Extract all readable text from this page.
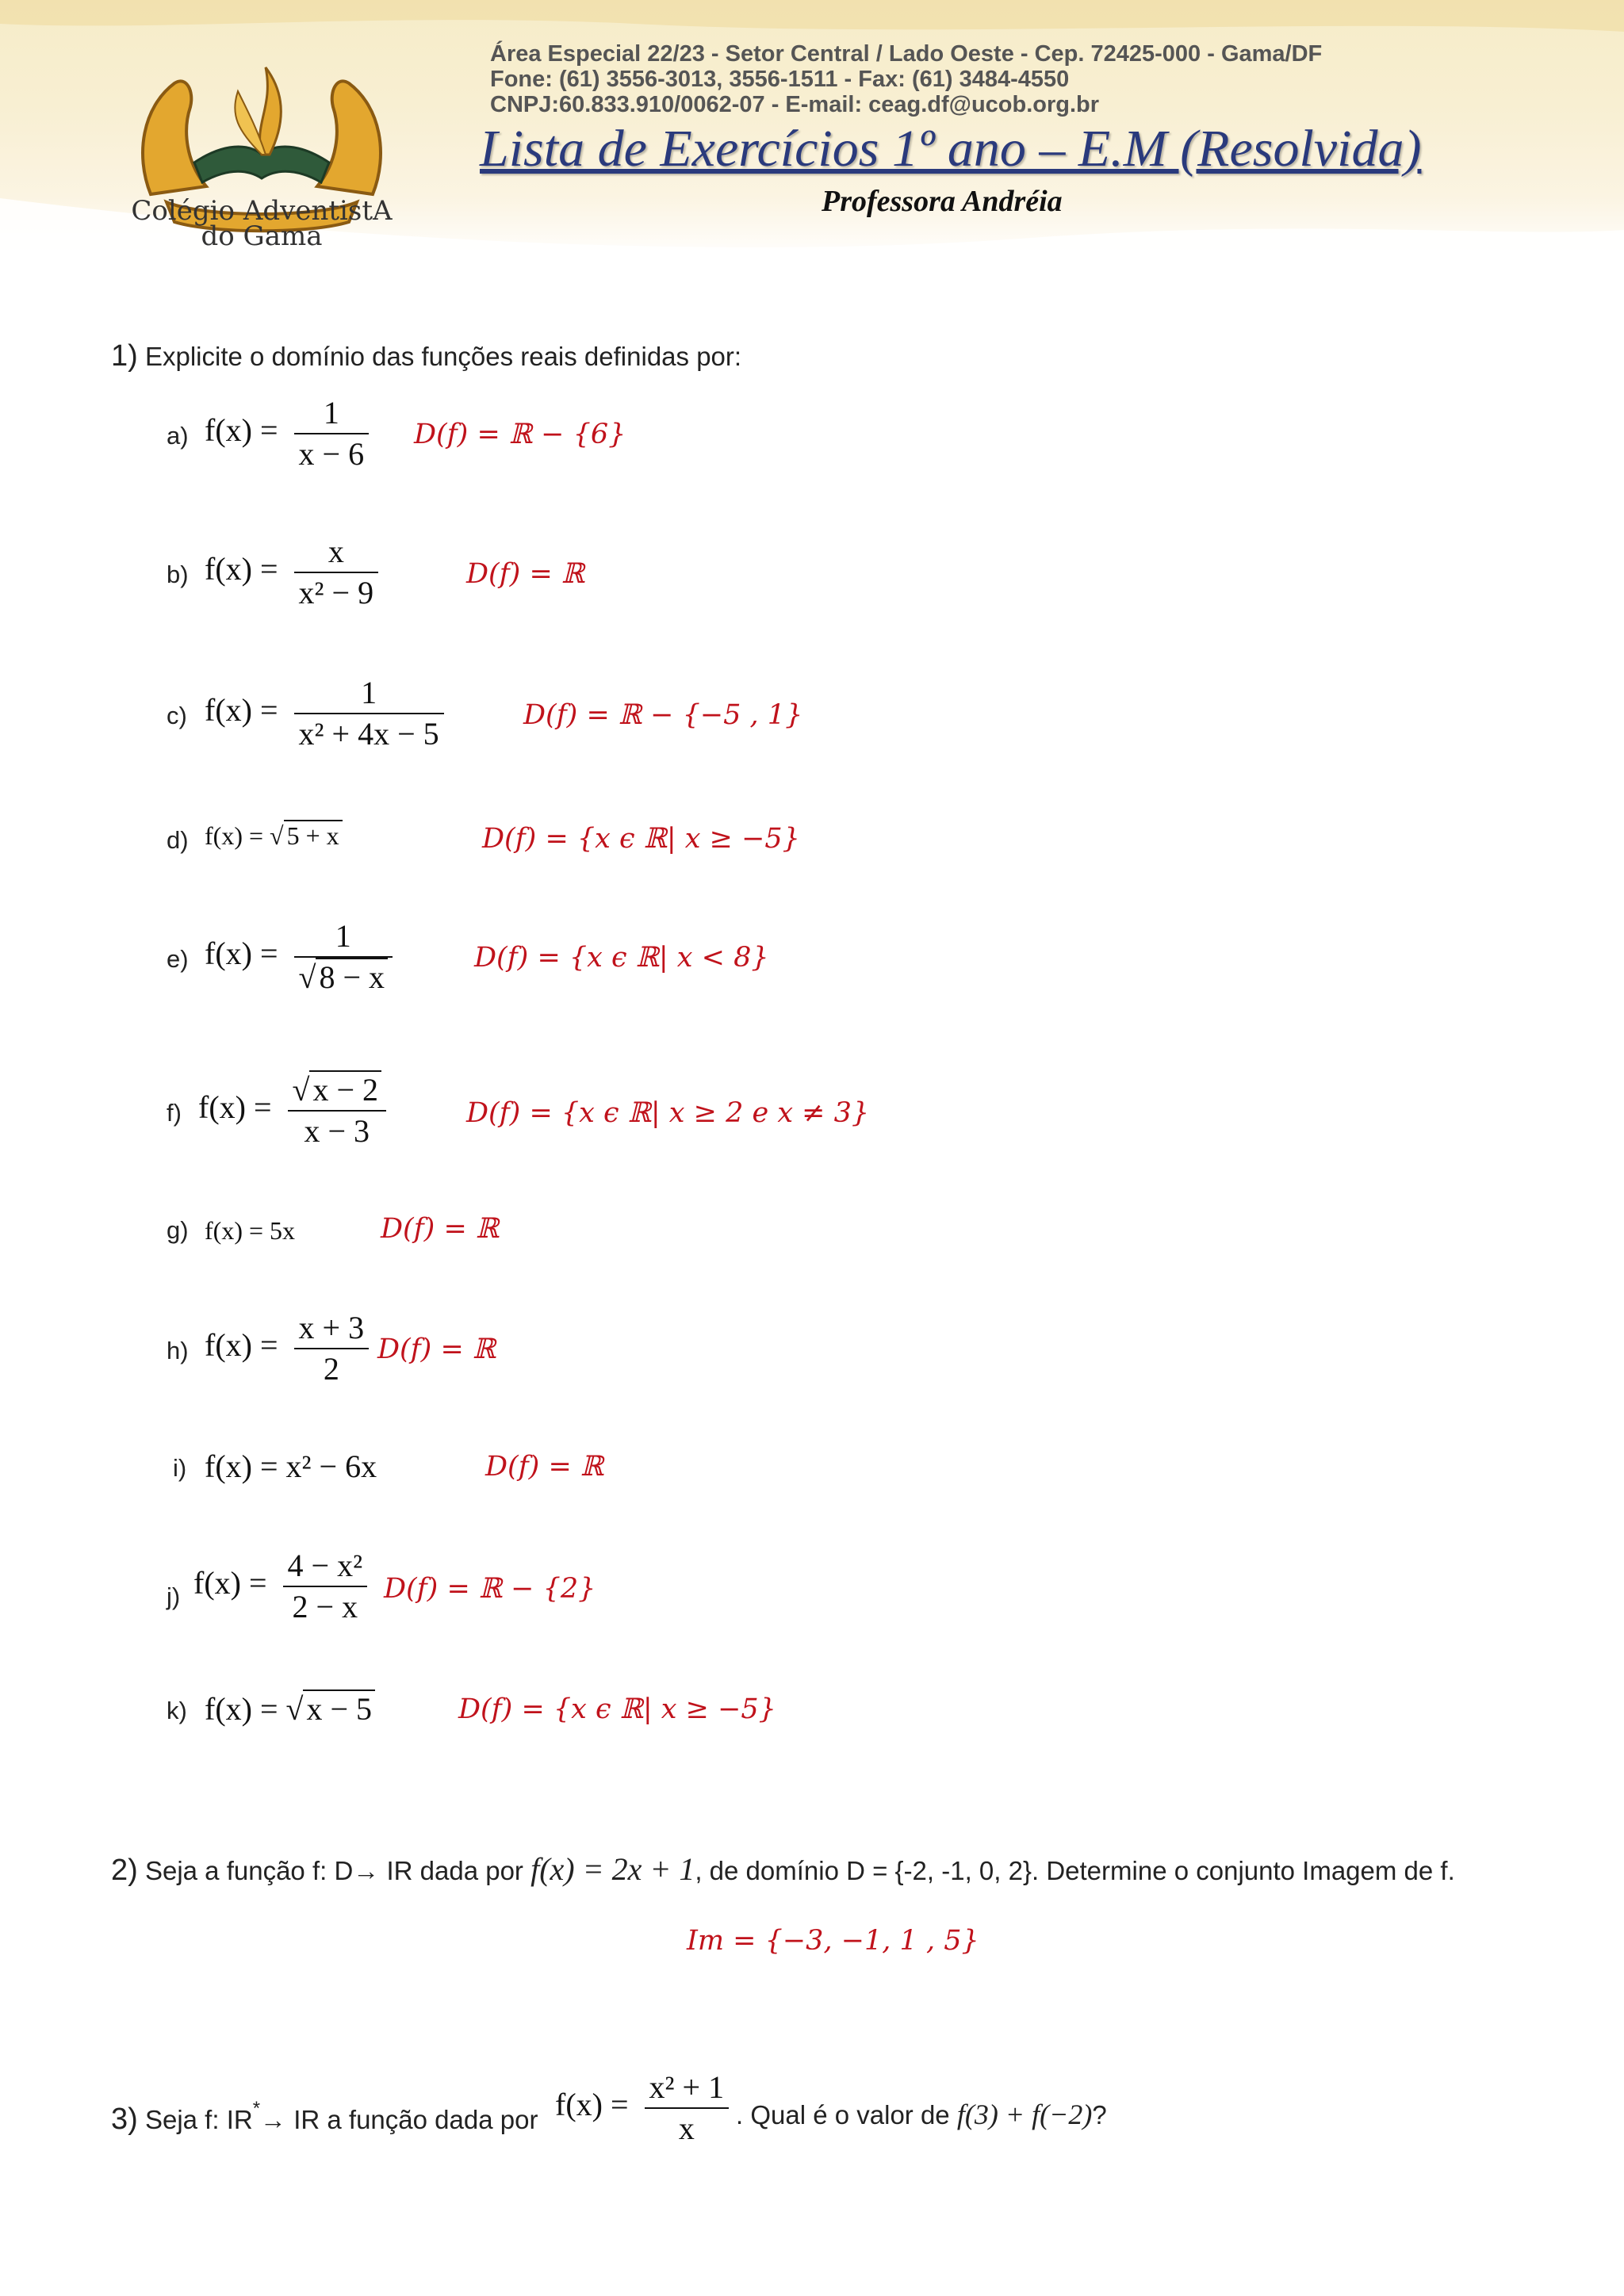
Colégio AdventistA
do Gama
Área Especial 22/23 - Setor Central / Lado Oeste - Cep. 72425-000 - Gama/DF
Fone: (61) 3556-3013, 3556-1511 - Fax: (61) 3484-4550
CNPJ:60.833.910/0062-07 - E-mail: ceag.df@ucob.org.br
Lista de Exercícios 1º ano – E.M (Resolvida)
Professora Andréia
1) Explicite o domínio das funções reais definidas por:
a) $f(x) = \frac{1}{x - 6} D(f)$ = ℝ − {6}
b) $f(x) = \frac{x}{\text{x² − 9}}$	D(f) = ℝ
c) $f(x) = \frac{1}{\text{x² + 4x − 5}}$	D(f) = ℝ − {−5 , 1}
d) f(x) = √ 5 + x	D(f) = {x ϵ ℝ| x ≥ −5}
e) $f(x) = \frac{1}{√ 8 - x}$	D(f) = {x ϵ ℝ| x < 8}
f) $f(x) = \frac{√ x - 2}{x - 3}$	D(f) = {x ϵ ℝ| x ≥ 2 e x ≠ 3}
g) f(x) = 5x	D(f) = ℝ
h) $f(x) = \frac{x + 3}{2} D(f)$ = ℝ
i) f(x) = x² − 6x	D(f) = ℝ
j) $f(x) = \frac{\text{4 − x²}}{2 - x} D(f)$ = ℝ − {2}
k) f(x) = √ x − 5	D(f) = {x ϵ ℝ| x ≥ −5}
2) Seja a função f: D→ IR dada por f(x) = 2x + 1, de domínio D = {-2, -1, 0, 2}. Determine o conjunto Imagem de f.
Im = {−3, −1, 1 , 5}
3) Seja f: IR*→ IR a função dada por $f(x) = \frac{\text{x² + 1}}{x}$ . Qual é o valor de f(3) + f(−2)?
